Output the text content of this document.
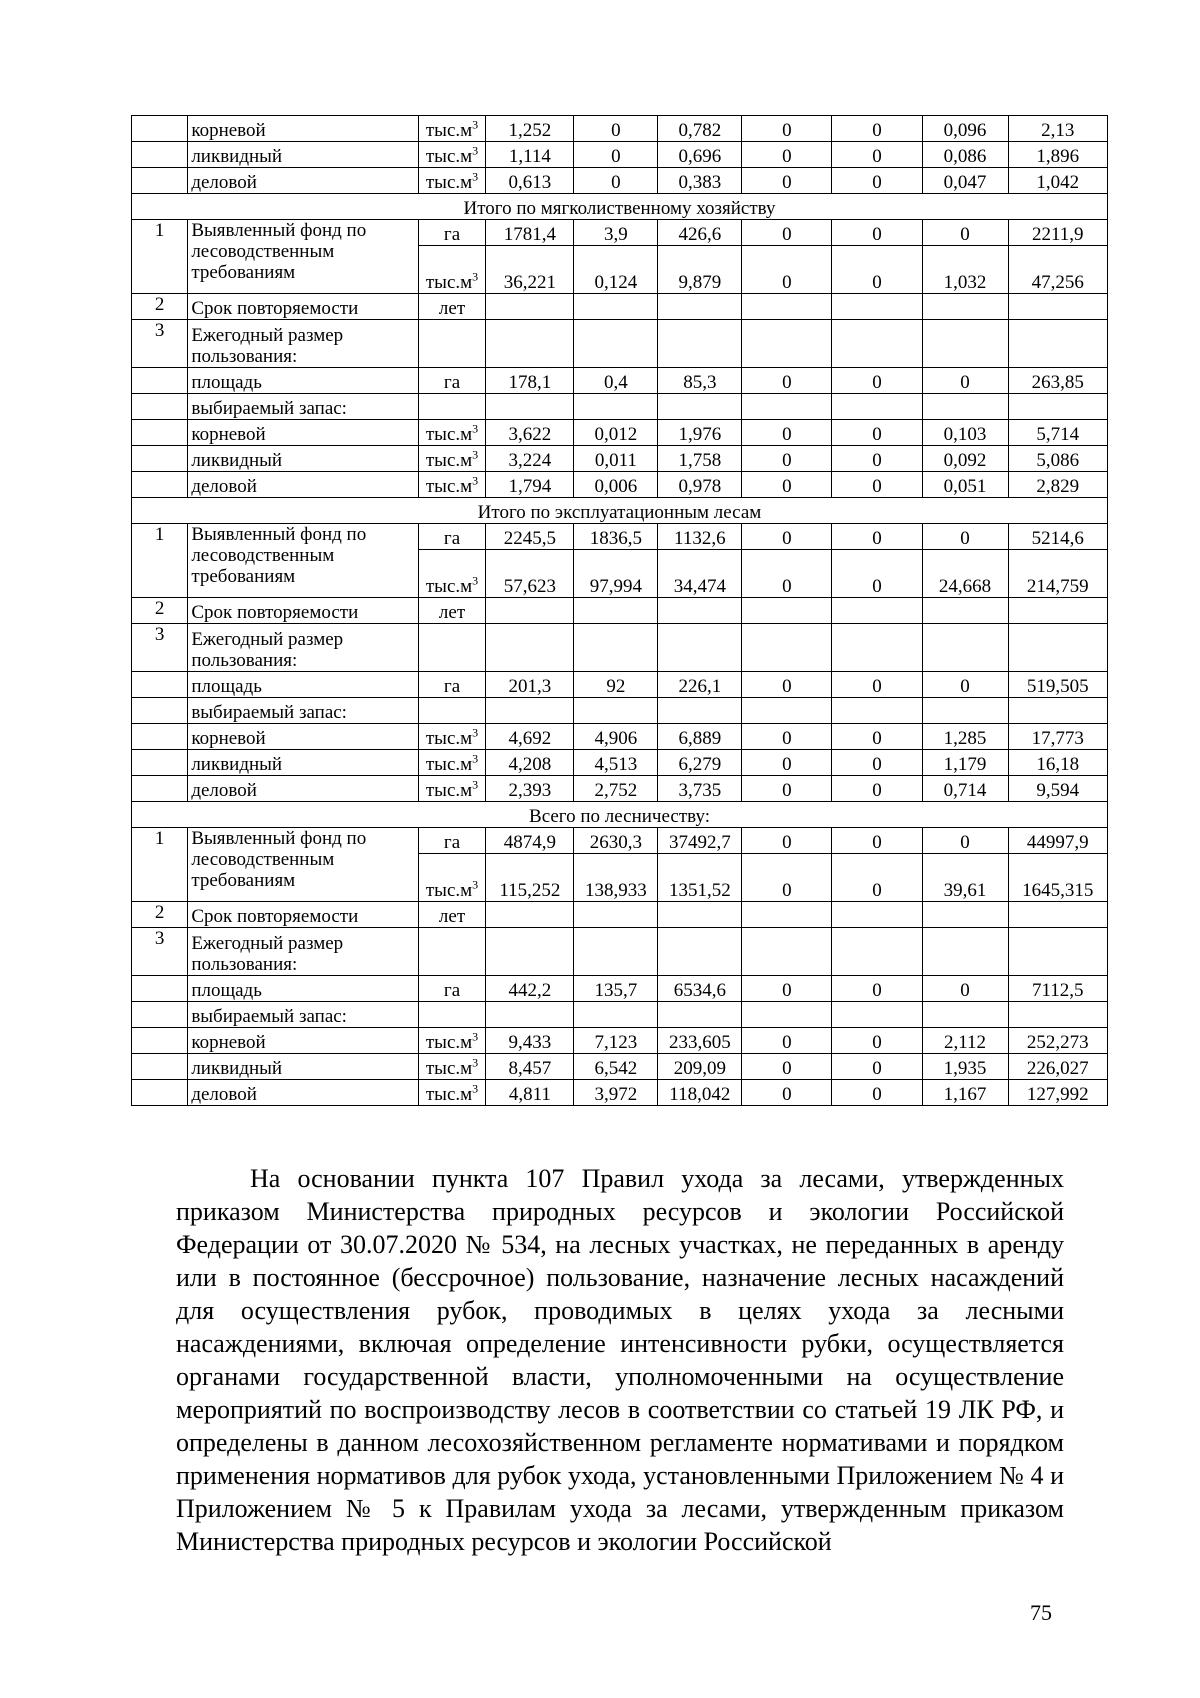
	корневой	$тыс.м^3$	1,252	0	0,782	0	0	0,096	2,13
	ликвидный	$тыс.м^3$	1,114	0	0,696	0	0	0,086	1,896
	деловой	$тыс.м^3$	0,613	0	0,383	0	0	0,047	1,042
Итого по мягколиственному хозяйству									
1	Выявленный фонд по лесоводственным требованиям	га	1781,4	3,9	426,6	0	0	0	2211,9
		$тыс.м^3$	36,221	0,124	9,879	0	0	1,032	47,256
2	Срок повторяемости	лет							
3	Ежегодный размер пользования:								
	площадь	га	178,1	0,4	85,3	0	0	0	263,85
	выбираемый запас:								
	корневой	$тыс.м^3$	3,622	0,012	1,976	0	0	0,103	5,714
	ликвидный	$тыс.м^3$	3,224	0,011	1,758	0	0	0,092	5,086
	деловой	$тыс.м^3$	1,794	0,006	0,978	0	0	0,051	2,829
Итого по эксплуатационным лесам									
1	Выявленный фонд по лесоводственным требованиям	га	2245,5	1836,5	1132,6	0	0	0	5214,6
		$тыс.м^3$	57,623	97,994	34,474	0	0	24,668	214,759
2	Срок повторяемости	лет							
3	Ежегодный размер пользования:								
	площадь	га	201,3	92	226,1	0	0	0	519,505
	выбираемый запас:								
	корневой	$тыс.м^3$	4,692	4,906	6,889	0	0	1,285	17,773
	ликвидный	$тыс.м^3$	4,208	4,513	6,279	0	0	1,179	16,18
	деловой	$тыс.м^3$	2,393	2,752	3,735	0	0	0,714	9,594
Всего по лесничеству:									
1	Выявленный фонд по лесоводственным требованиям	га	4874,9	2630,3	37492,7	0	0	0	44997,9
		$тыс.м^3$	115,252	138,933	1351,52	0	0	39,61	1645,315
2	Срок повторяемости	лет							
3	Ежегодный размер пользования:								
	площадь	га	442,2	135,7	6534,6	0	0	0	7112,5
	выбираемый запас:								
	корневой	$тыс.м^3$	9,433	7,123	233,605	0	0	2,112	252,273
	ликвидный	$тыс.м^3$	8,457	6,542	209,09	0	0	1,935	226,027
	деловой	$тыс.м^3$	4,811	3,972	118,042	0	0	1,167	127,992

На основании пункта 107 Правил ухода за лесами, утвержденных приказом Министерства природных ресурсов и экологии Российской Федерации от 30.07.2020 № 534, на лесных участках, не переданных в аренду или в постоянное (бессрочное) пользование, назначение лесных насаждений для осуществления рубок, проводимых в целях ухода за лесными насаждениями, включая определение интенсивности рубки, осуществляется органами государственной власти, уполномоченными на осуществление мероприятий по воспроизводству лесов в соответствии со статьей 19 ЛК РФ, и определены в данном лесохозяйственном регламенте нормативами и порядком применения нормативов для рубок ухода, установленными Приложением № 4 и Приложением № 5 к Правилам ухода за лесами, утвержденным приказом Министерства природных ресурсов и экологии Российской

75
